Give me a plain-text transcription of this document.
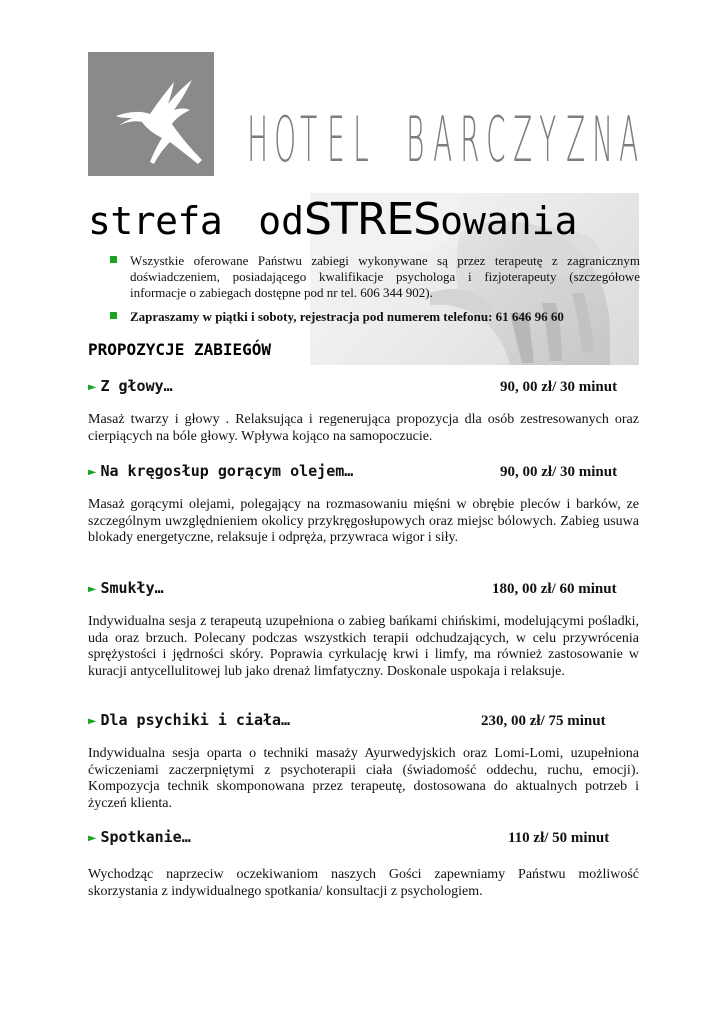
H O T E L B A R C Z Y Z N A
strefa odSTRESowania
Wszystkie oferowane Państwu zabiegi wykonywane są przez terapeutę z zagranicznym doświadczeniem, posiadającego kwalifikacje psychologa i fizjoterapeuty (szczegółowe informacje o zabiegach dostępne pod nr tel. 606 344 902).
Zapraszamy w piątki i soboty, rejestracja pod numerem telefonu: 61 646 96 60
PROPOZYCJE ZABIEGÓW
► Z głowy…	90, 00 zł/ 30 minut

Masaż twarzy i głowy . Relaksująca i regenerująca propozycja dla osób zestresowanych oraz cierpiących na bóle głowy. Wpływa kojąco na samopoczucie.

► Na kręgosłup gorącym olejem…	90, 00 zł/ 30 minut

Masaż gorącymi olejami, polegający na rozmasowaniu mięśni w obrębie pleców i barków, ze szczególnym uwzględnieniem okolicy przykręgosłupowych oraz miejsc bólowych. Zabieg usuwa blokady energetyczne, relaksuje i odpręża, przywraca wigor i siły.

► Smukły…	180, 00 zł/ 60 minut

Indywidualna sesja z terapeutą uzupełniona o zabieg bańkami chińskimi, modelującymi pośladki, uda oraz brzuch. Polecany podczas wszystkich terapii odchudzających, w celu przywrócenia sprężystości i jędrności skóry. Poprawia cyrkulację krwi i limfy, ma również zastosowanie w kuracji antycellulitowej lub jako drenaż limfatyczny. Doskonale uspokaja i relaksuje.

► Dla psychiki i ciała…	230, 00 zł/ 75 minut

Indywidualna sesja oparta o techniki masaży Ayurwedyjskich oraz Lomi-Lomi, uzupełniona ćwiczeniami zaczerpniętymi z psychoterapii ciała (świadomość oddechu, ruchu, emocji). Kompozycja technik skomponowana przez terapeutę, dostosowana do aktualnych potrzeb i życzeń klienta.

► Spotkanie…	110 zł/ 50 minut

Wychodząc naprzeciw oczekiwaniom naszych Gości zapewniamy Państwu możliwość skorzystania z indywidualnego spotkania/ konsultacji z psychologiem.
